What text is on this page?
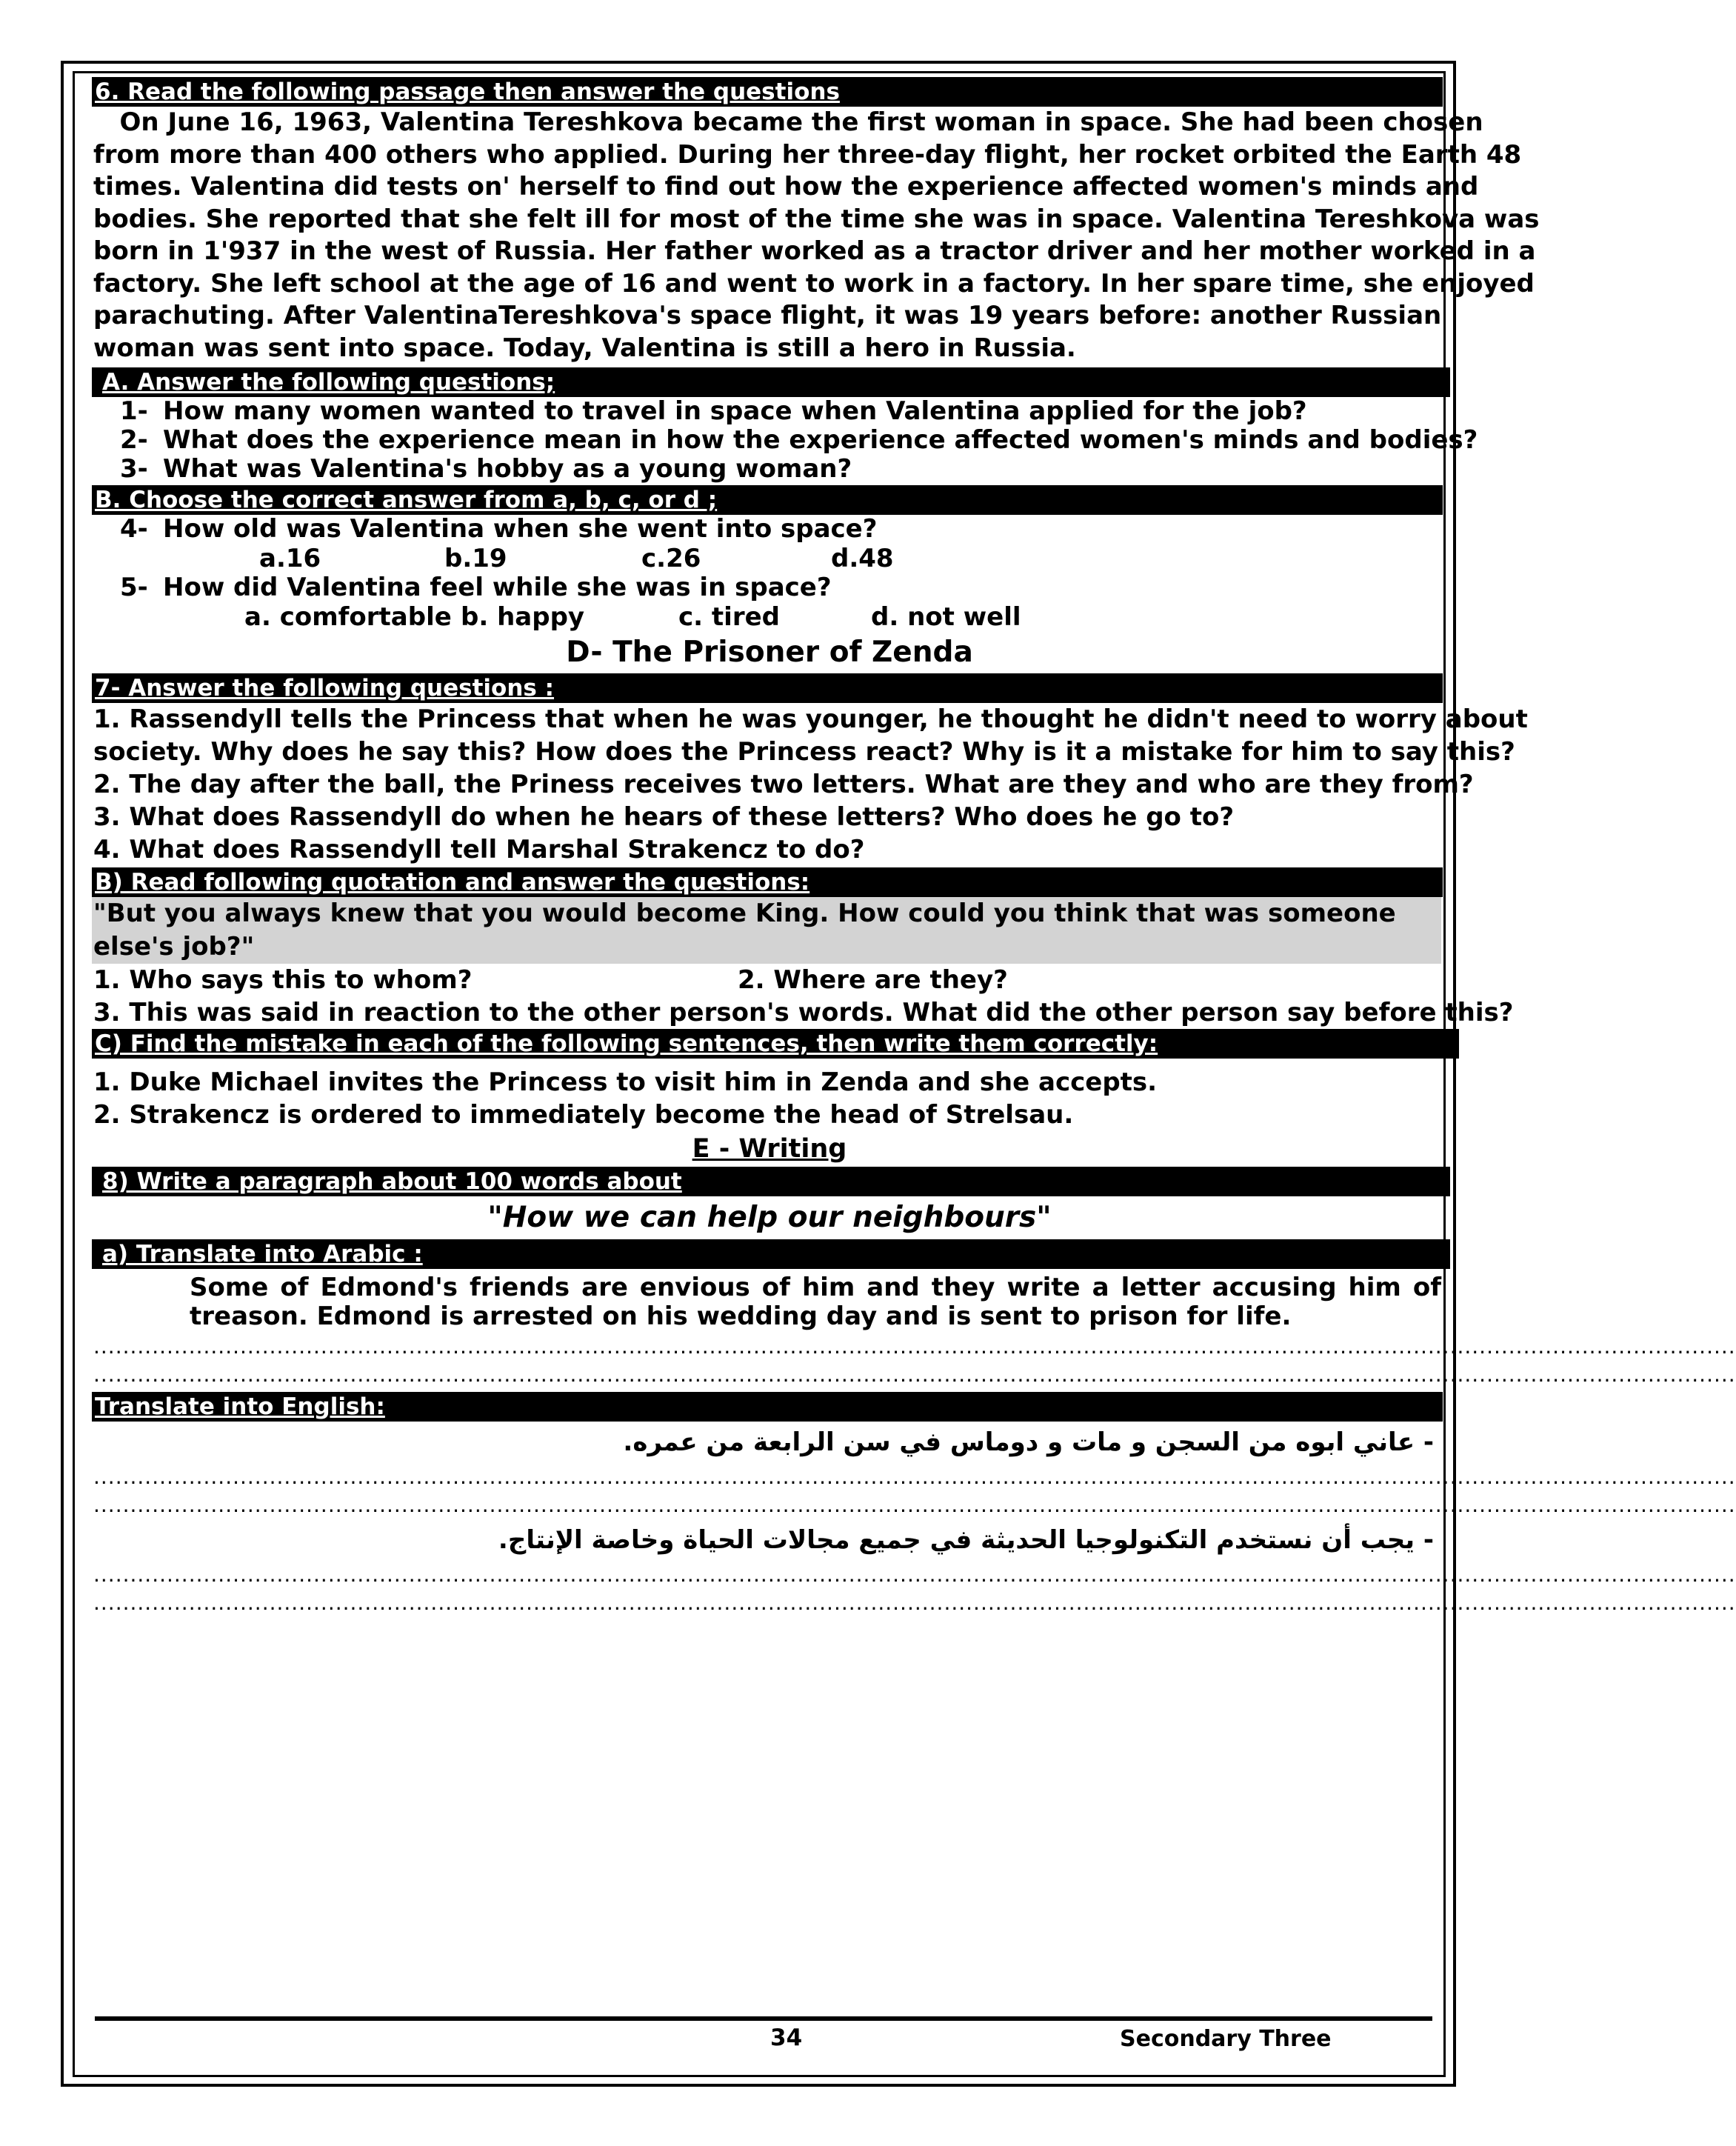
6. Read the following passage then answer the questions
On June 16, 1963, Valentina Tereshkova became the first woman in space. She had been chosen
from more than 400 others who applied. During her three-day flight, her rocket orbited the Earth 48
times. Valentina did tests on' herself to find out how the experience affected women's minds and
bodies. She reported that she felt ill for most of the time she was in space. Valentina Tereshkova was
born in 1'937 in the west of Russia. Her father worked as a tractor driver and her mother worked in a
factory. She left school at the age of 16 and went to work in a factory. In her spare time, she enjoyed
parachuting. After ValentinaTereshkova's space flight, it was 19 years before: another Russian
woman was sent into space. Today, Valentina is still a hero in Russia.
A. Answer the following questions;
1- How many women wanted to travel in space when Valentina applied for the job?
2- What does the experience mean in how the experience affected women's minds and bodies?
3- What was Valentina's hobby as a young woman?
B. Choose the correct answer from a, b, c, or d ;
4- How old was Valentina when she went into space?
a.16	b.19	c.26	d.48
5- How did Valentina feel while she was in space?
a. comfortable b. happy	c. tired	d. not well
D- The Prisoner of Zenda
7- Answer the following questions :
1. Rassendyll tells the Princess that when he was younger, he thought he didn't need to worry about
society. Why does he say this? How does the Princess react? Why is it a mistake for him to say this?
2. The day after the ball, the Priness receives two letters. What are they and who are they from?
3. What does Rassendyll do when he hears of these letters? Who does he go to?
4. What does Rassendyll tell Marshal Strakencz to do?
B) Read following quotation and answer the questions:
"But you always knew that you would become King. How could you think that was someone
else's job?"
1. Who says this to whom?	2. Where are they?
3. This was said in reaction to the other person's words. What did the other person say before this?
C) Find the mistake in each of the following sentences, then write them correctly:
1. Duke Michael invites the Princess to visit him in Zenda and she accepts.
2. Strakencz is ordered to immediately become the head of Strelsau.
E - Writing
8) Write a paragraph about 100 words about
"How we can help our neighbours"
a) Translate into Arabic :
Some of Edmond's friends are envious of him and they write a letter accusing him of treason. Edmond is arrested on his wedding day and is sent to prison for life.
................................................................................................................................................................................................................................
................................................................................................................................................................................................................................
Translate into English:
- عاني ابوه من السجن و مات و دوماس في سن الرابعة من عمره.
................................................................................................................................................................................................................................
................................................................................................................................................................................................................................
- يجب أن نستخدم التكنولوجيا الحديثة في جميع مجالات الحياة وخاصة الإنتاج.
................................................................................................................................................................................................................................
................................................................................................................................................................................................................................
34	Secondary Three
